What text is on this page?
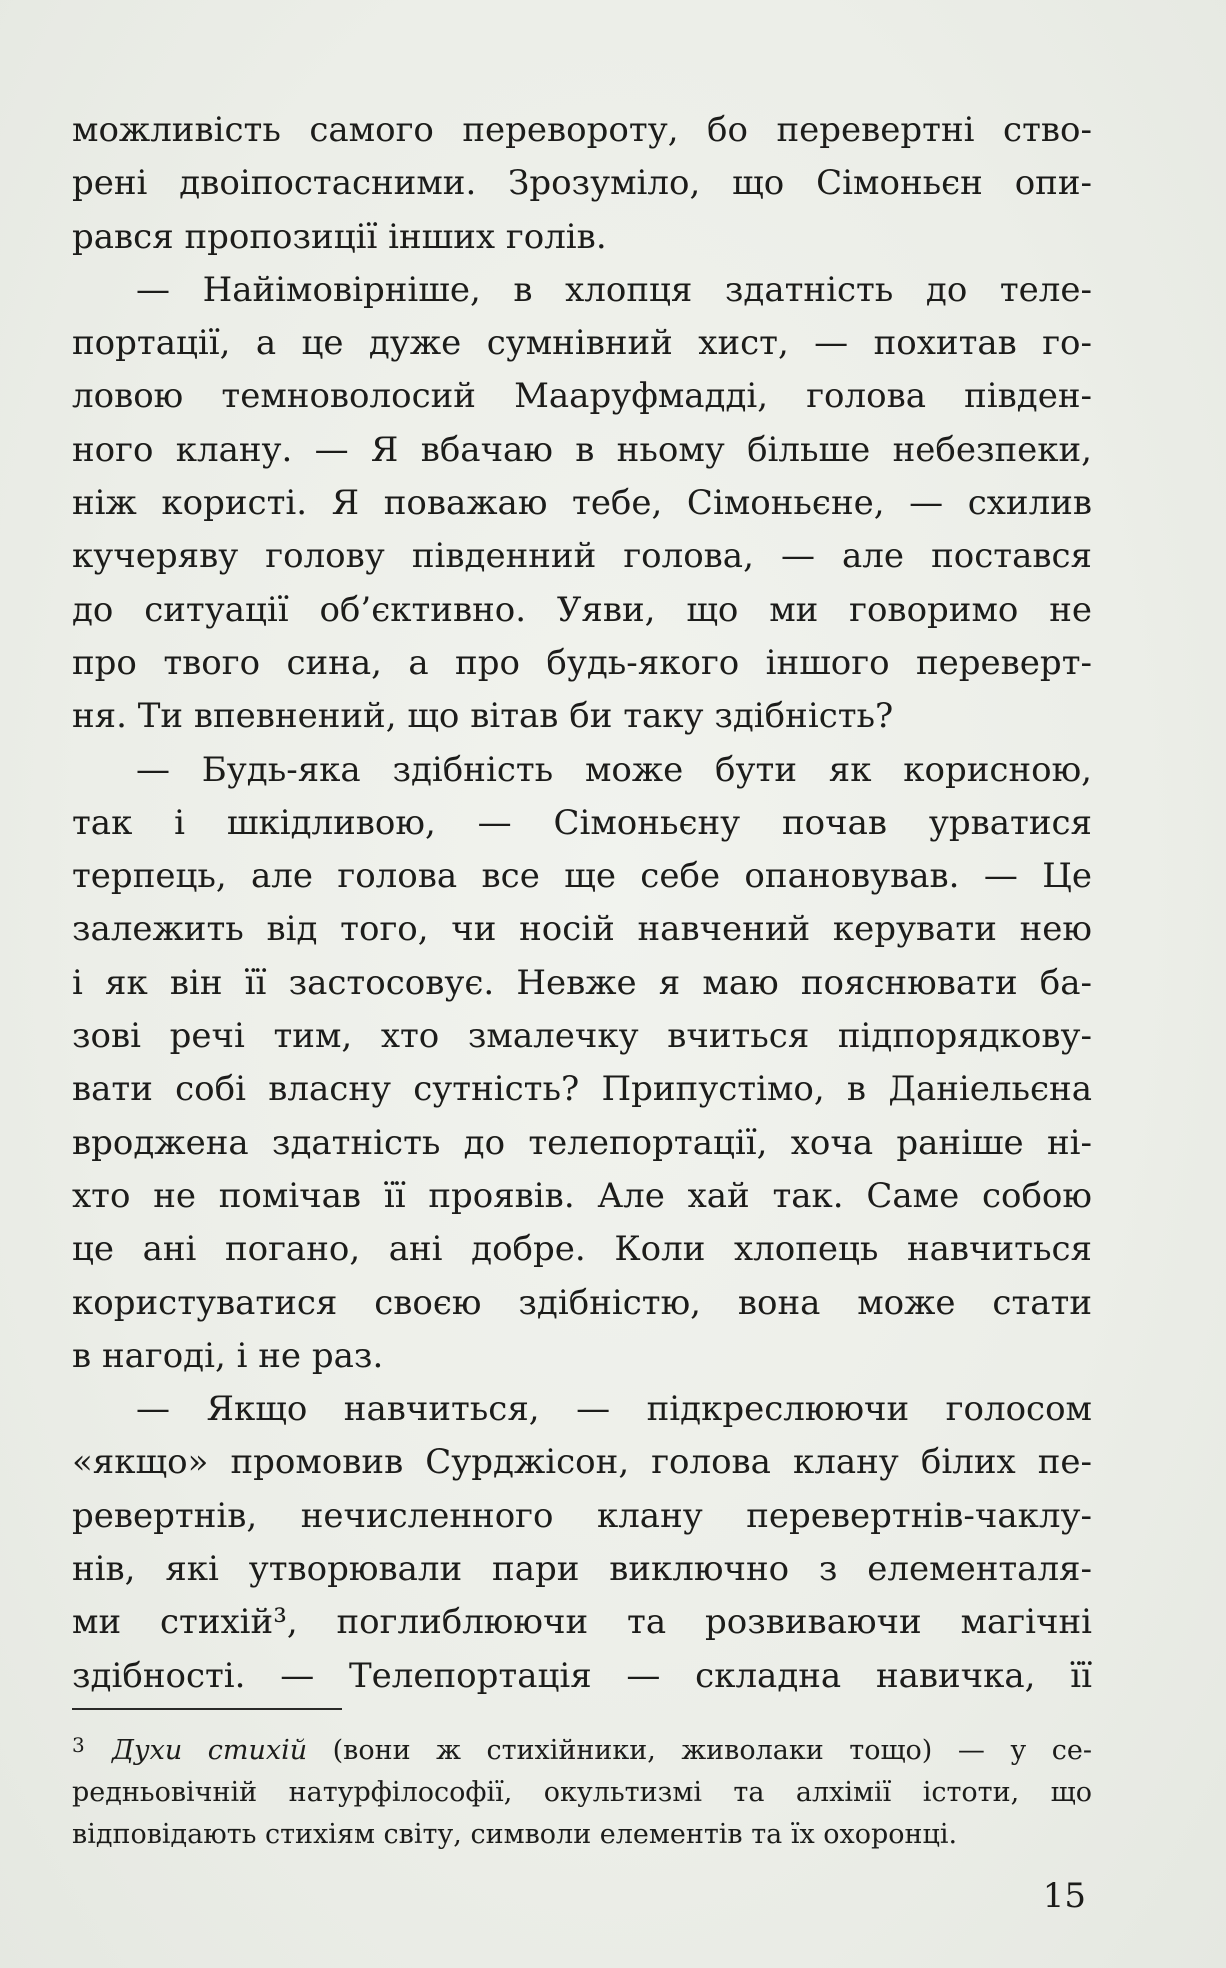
можливість самого перевороту, бо перевертні ство-
рені двоіпостасними. Зрозуміло, що Сімоньєн опи-
рався пропозиції інших голів.
— Найімовірніше, в хлопця здатність до теле-
портації, а це дуже сумнівний хист, — похитав го-
ловою темноволосий Мааруфмадді, голова півден-
ного клану. — Я вбачаю в ньому більше небезпеки,
ніж користі. Я поважаю тебе, Сімоньєне, — схилив
кучеряву голову південний голова, — але постався
до ситуації об’єктивно. Уяви, що ми говоримо не
про твого сина, а про будь-якого іншого переверт-
ня. Ти впевнений, що вітав би таку здібність?
— Будь-яка здібність може бути як корисною,
так і шкідливою, — Сімоньєну почав урватися
терпець, але голова все ще себе опановував. — Це
залежить від того, чи носій навчений керувати нею
і як він її застосовує. Невже я маю пояснювати ба-
зові речі тим, хто змалечку вчиться підпорядкову-
вати собі власну сутність? Припустімо, в Даніельєна
вроджена здатність до телепортації, хоча раніше ні-
хто не помічав її проявів. Але хай так. Саме собою
це ані погано, ані добре. Коли хлопець навчиться
користуватися своєю здібністю, вона може стати
в нагоді, і не раз.
— Якщо навчиться, — підкреслюючи голосом
«якщо» промовив Сурджісон, голова клану білих пе-
ревертнів, нечисленного клану перевертнів-чаклу-
нів, які утворювали пари виключно з елементаля-
ми стихій³, поглиблюючи та розвиваючи магічні
здібності. — Телепортація — складна навичка, її
3 Духи стихій (вони ж стихійники, живолаки тощо) — у се-
редньовічній натурфілософії, окультизмі та алхімії істоти, що
відповідають стихіям світу, символи елементів та їх охоронці.
15
